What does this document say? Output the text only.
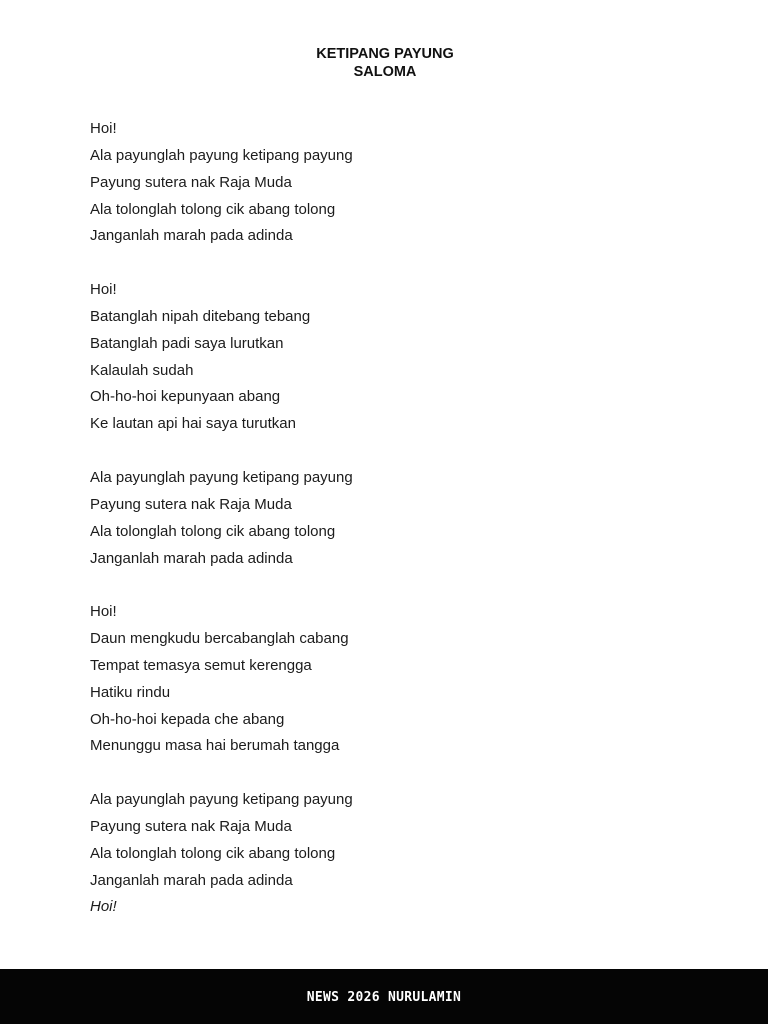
KETIPANG PAYUNG
SALOMA
Hoi!
Ala payunglah payung ketipang payung
Payung sutera nak Raja Muda
Ala tolonglah tolong cik abang tolong
Janganlah marah pada adinda
Hoi!
Batanglah nipah ditebang tebang
Batanglah padi saya lurutkan
Kalaulah sudah
Oh-ho-hoi kepunyaan abang
Ke lautan api hai saya turutkan
Ala payunglah payung ketipang payung
Payung sutera nak Raja Muda
Ala tolonglah tolong cik abang tolong
Janganlah marah pada adinda
Hoi!
Daun mengkudu bercabanglah cabang
Tempat temasya semut kerengga
Hatiku rindu
Oh-ho-hoi kepada che abang
Menunggu masa hai berumah tangga
Ala payunglah payung ketipang payung
Payung sutera nak Raja Muda
Ala tolonglah tolong cik abang tolong
Janganlah marah pada adinda
Hoi!
NEWS 2026 NURULAMIN
